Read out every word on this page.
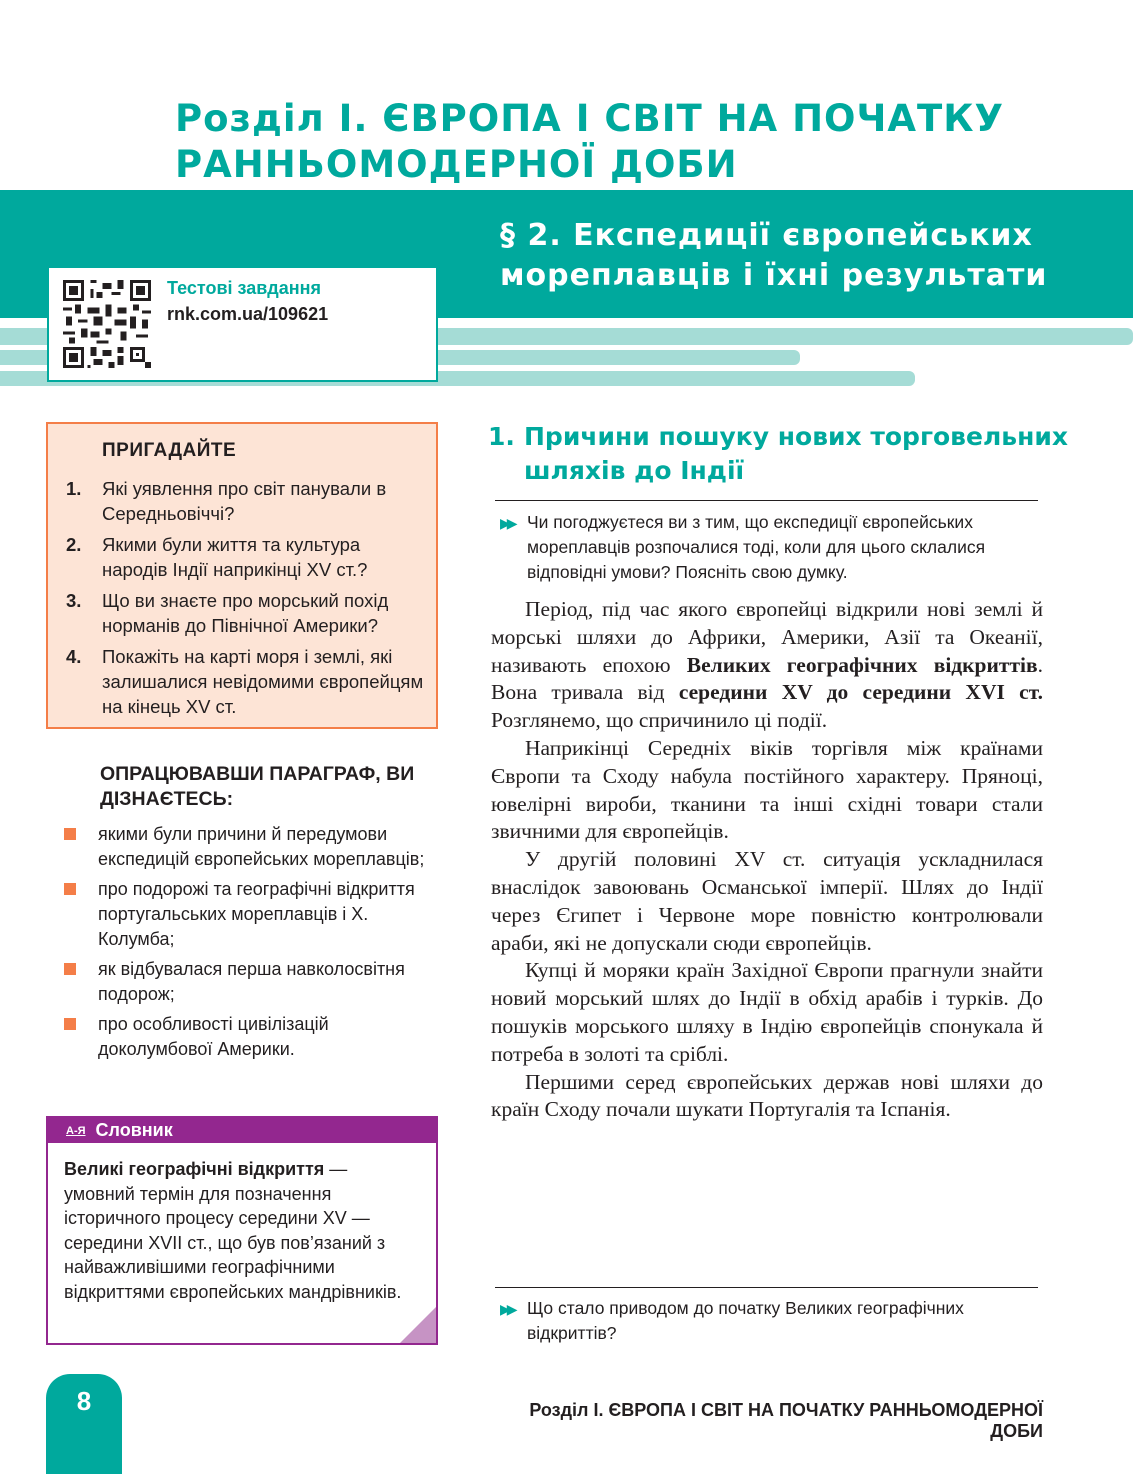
Розділ І. ЄВРОПА І СВІТ НА ПОЧАТКУ
РАННЬОМОДЕРНОЇ ДОБИ
§ 2. Експедиції європейських
мореплавців і їхні результати
Тестові завдання
rnk.com.ua/109621
ПРИГАДАЙТЕ
1.	Які уявлення про світ панували в Середньовіччі?
2.	Якими були життя та культура народів Індії наприкінці XV ст.?
3.	Що ви знаєте про морський похід норманів до Північної Америки?
4.	Покажіть на карті моря і землі, які залишалися невідомими європейцям на кінець XV ст.
ОПРАЦЮВАВШИ ПАРАГРАФ, ВИ ДІЗНАЄТЕСЬ:
якими були причини й передумови експедицій європейських мореплавців;
про подорожі та географічні відкриття португальських мореплавців і Х. Колумба;
як відбувалася перша навколосвітня подорож;
про особливості цивілізацій доколумбової Америки.
А-Я Словник
Великі географічні відкриття — умовний термін для позначення історичного процесу середини XV — середини XVII ст., що був пов’язаний з найважливішими географічними відкриттями європейських мандрівників.
1. Причини пошуку нових торговельних
шляхів до Індії
▶▶ Чи погоджуєтеся ви з тим, що експедиції європейських мореплавців розпочалися тоді, коли для цього склалися відповідні умови? Поясніть свою думку.

Період, під час якого європейці відкрили нові землі й морські шляхи до Африки, Америки, Азії та Океанії, називають епохою Великих географічних відкриттів. Вона тривала від середини XV до середини XVI ст. Розглянемо, що спричинило ці події.

Наприкінці Середніх віків торгівля між країнами Європи та Сходу набула постійного характеру. Пряноці, ювелірні вироби, тканини та інші східні товари стали звичними для європейців.

У другій половині XV ст. ситуація ускладнилася внаслідок завоювань Османської імперії. Шлях до Індії через Єгипет і Червоне море повністю контролювали араби, які не допускали сюди європейців.

Купці й моряки країн Західної Європи прагнули знайти новий морський шлях до Індії в обхід арабів і турків. До пошуків морського шляху в Індію європейців спонукала й потреба в золоті та сріблі.

Першими серед європейських держав нові шляхи до країн Сходу почали шукати Португалія та Іспанія.

▶▶ Що стало приводом до початку Великих географічних відкриттів?
8	Розділ І. ЄВРОПА І СВІТ НА ПОЧАТКУ РАННЬОМОДЕРНОЇ ДОБИ
